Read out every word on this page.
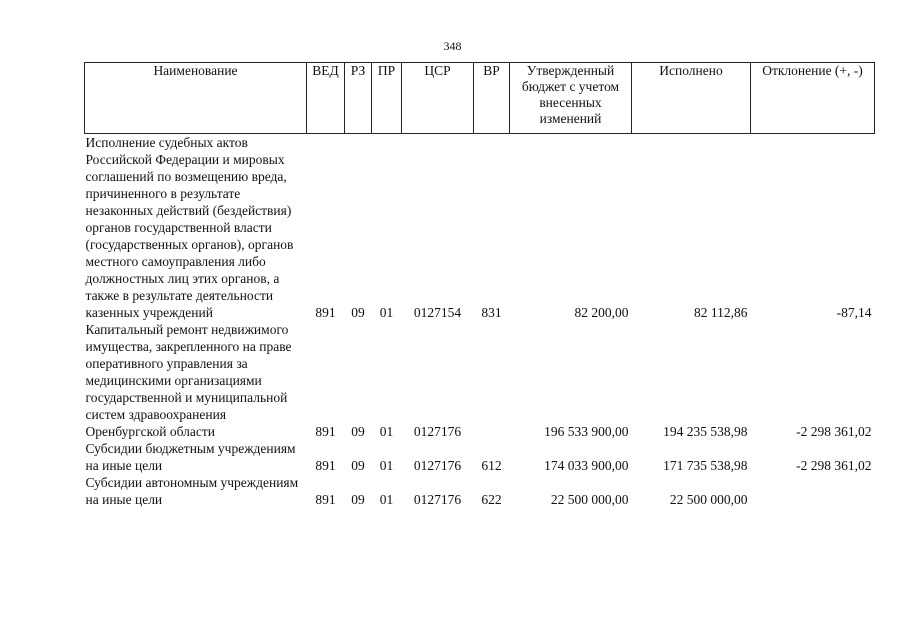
348
Наименование	ВЕД	РЗ	ПР	ЦСР	ВР	Утвержденный бюджет с учетом внесенных изменений	Исполнено	Отклонение (+, -)
Исполнение судебных актов Российской Федерации и мировых соглашений по возмещению вреда, причиненного в результате незаконных действий (бездействия) органов государственной власти (государственных органов), органов местного самоуправления либо должностных лиц этих органов, а также в результате деятельности казенных учреждений	891	09	01	0127154	831	82 200,00	82 112,86	-87,14
Капитальный ремонт недвижимого имущества, закрепленного на праве оперативного управления за медицинскими организациями государственной и муниципальной систем здравоохранения Оренбургской области	891	09	01	0127176		196 533 900,00	194 235 538,98	-2 298 361,02
Субсидии бюджетным учреждениям на иные цели	891	09	01	0127176	612	174 033 900,00	171 735 538,98	-2 298 361,02
Субсидии автономным учреждениям на иные цели	891	09	01	0127176	622	22 500 000,00	22 500 000,00	
